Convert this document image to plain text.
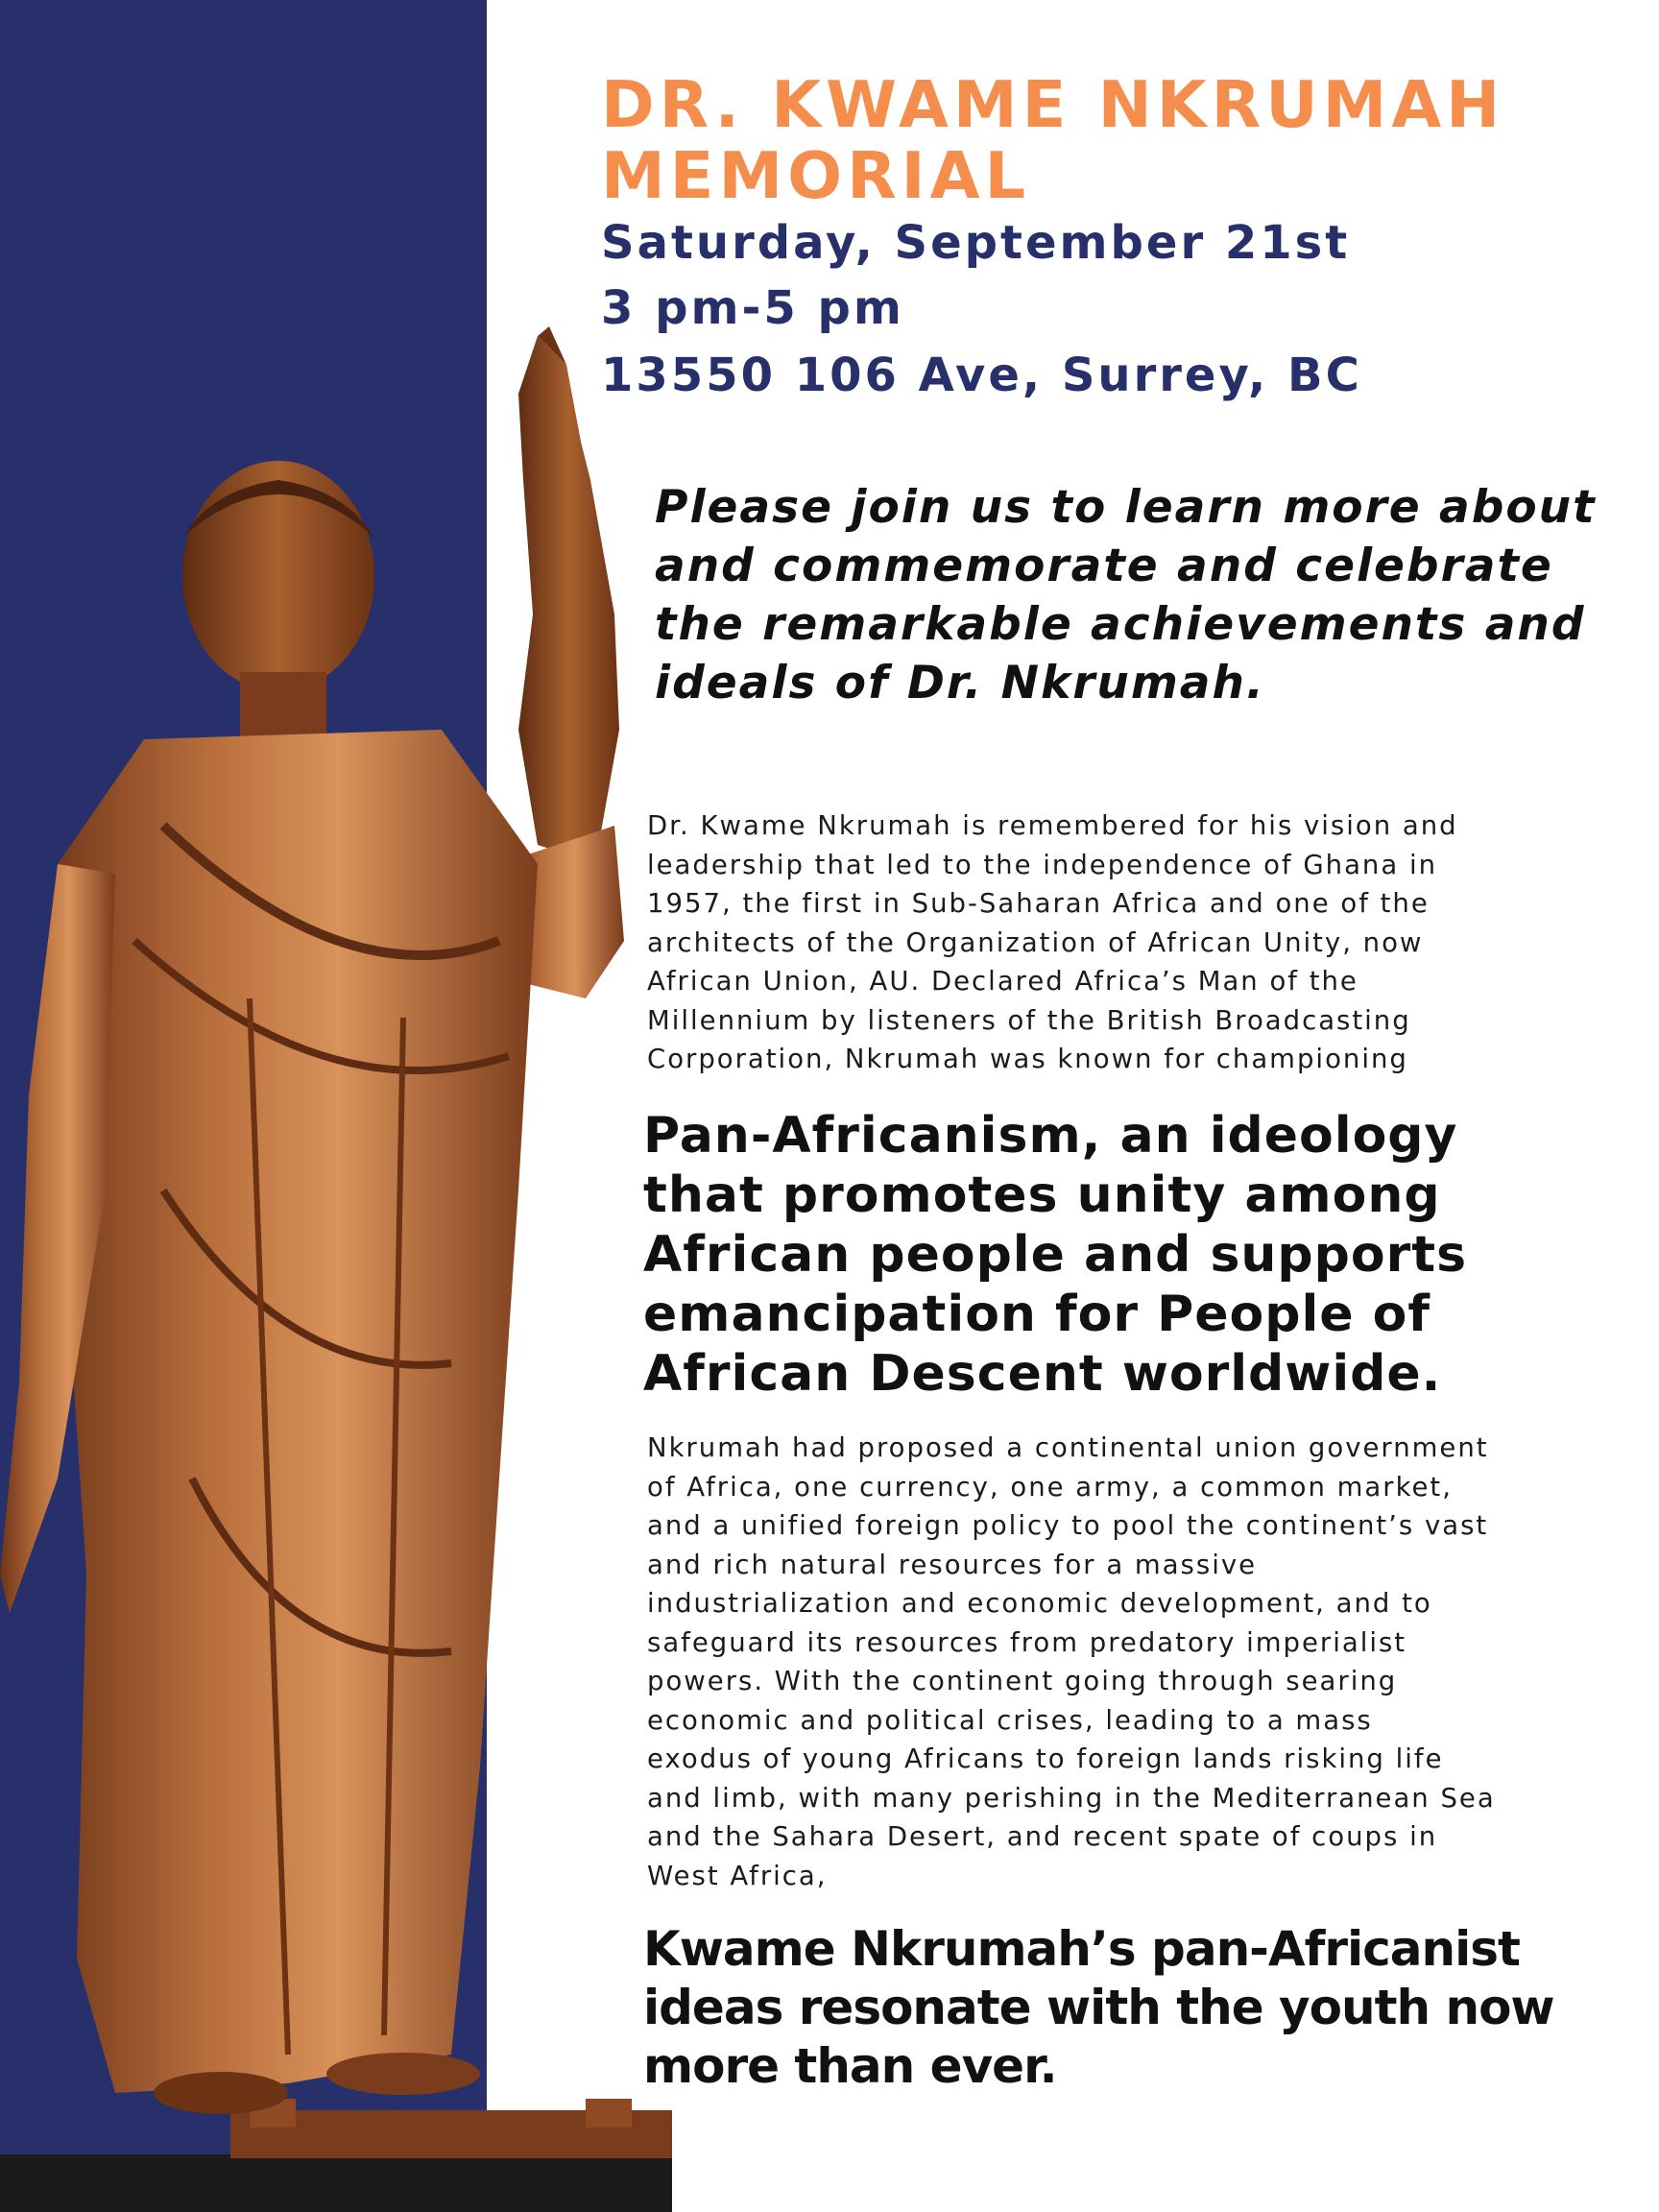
DR. KWAME NKRUMAH MEMORIAL

Saturday, September 21st

3 pm-5 pm

13550 106 Ave, Surrey, BC

Please join us to learn more about and commemorate and celebrate the remarkable achievements and ideals of Dr. Nkrumah.

Dr. Kwame Nkrumah is remembered for his vision and
leadership that led to the independence of Ghana in
1957, the first in Sub-Saharan Africa and one of the
architects of the Organization of African Unity, now
African Union, AU. Declared Africa’s Man of the
Millennium by listeners of the British Broadcasting
Corporation, Nkrumah was known for championing

Pan-Africanism, an ideology
that promotes unity among
African people and supports
emancipation for People of
African Descent worldwide.

Nkrumah had proposed a continental union government
of Africa, one currency, one army, a common market,
and a unified foreign policy to pool the continent’s vast
and rich natural resources for a massive
industrialization and economic development, and to
safeguard its resources from predatory imperialist
powers. With the continent going through searing
economic and political crises, leading to a mass
exodus of young Africans to foreign lands risking life
and limb, with many perishing in the Mediterranean Sea
and the Sahara Desert, and recent spate of coups in
West Africa,

Kwame Nkrumah’s pan-Africanist
ideas resonate with the youth now
more than ever.
